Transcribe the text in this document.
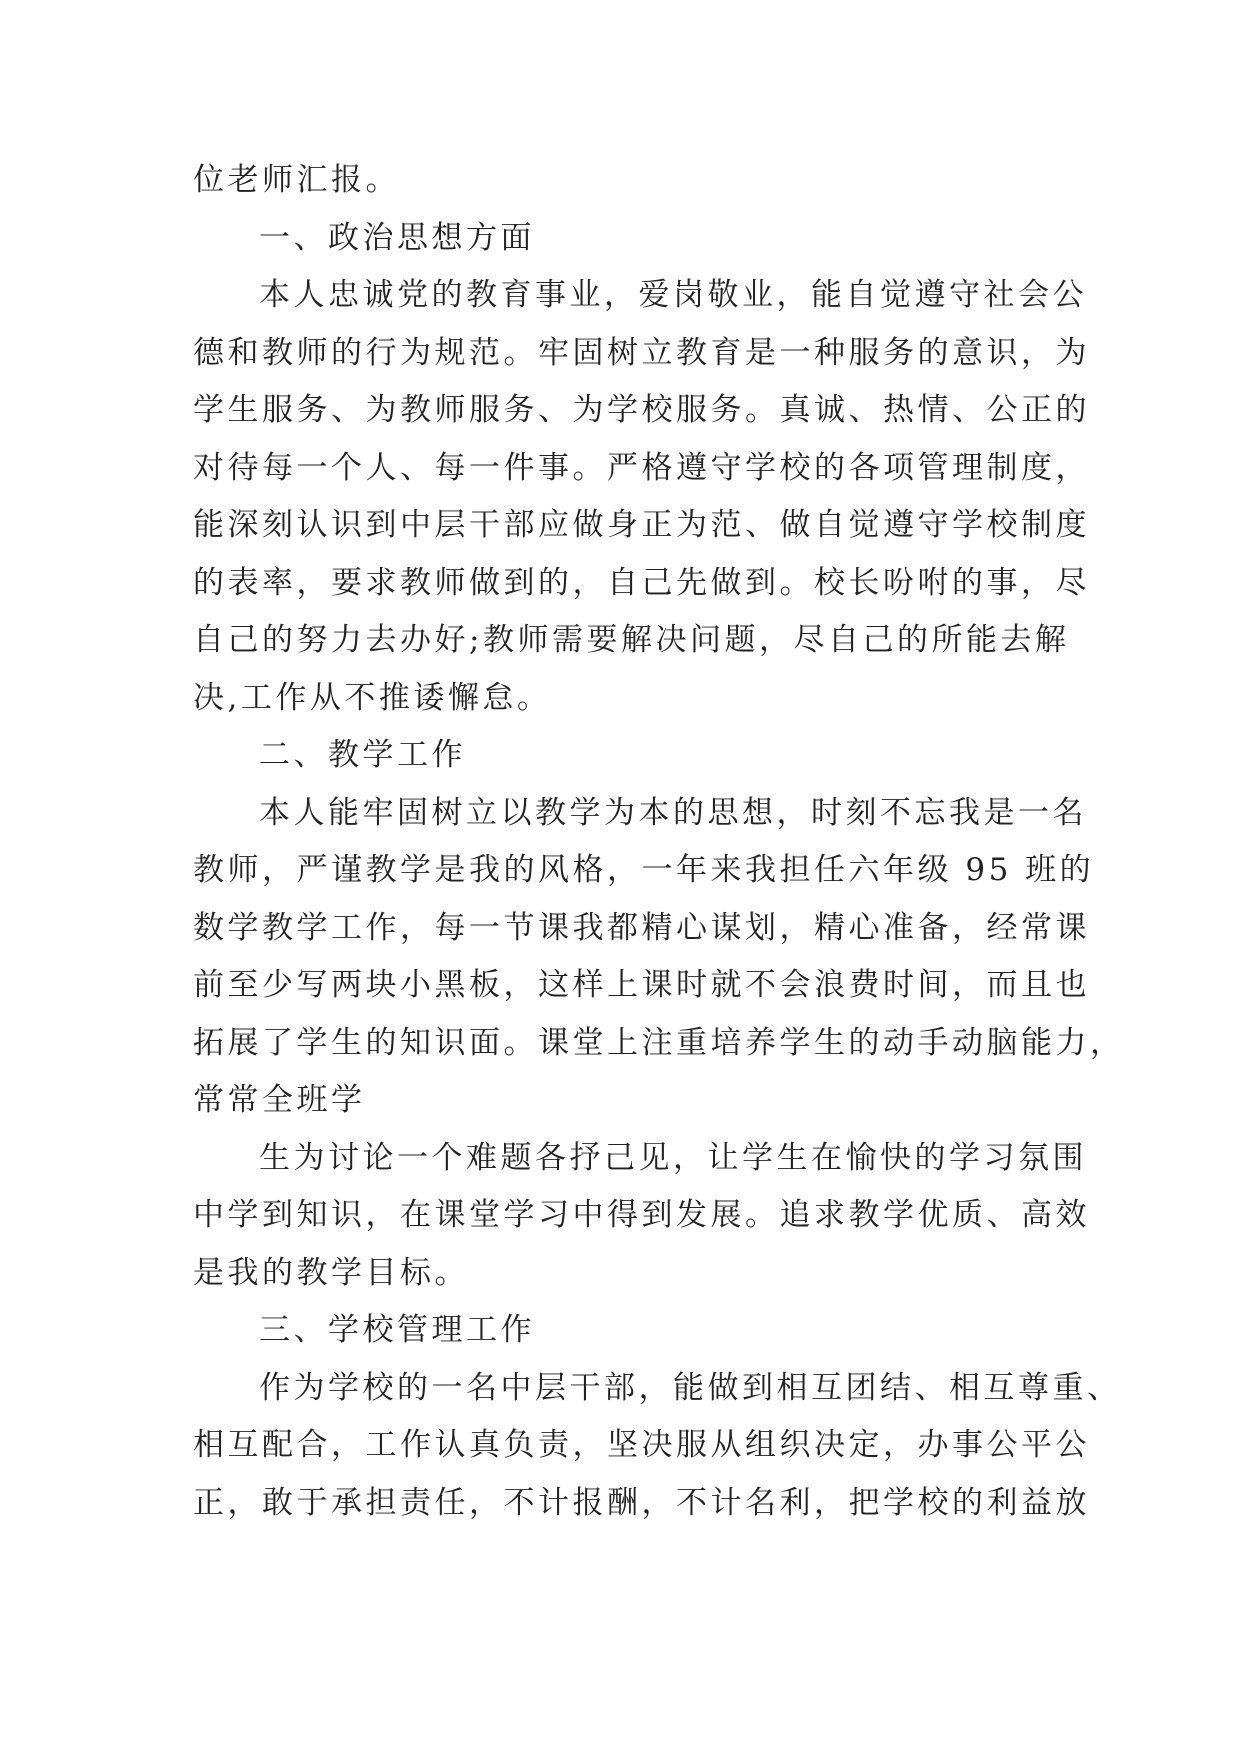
位老师汇报。
一、政治思想方面
本人忠诚党的教育事业，爱岗敬业，能自觉遵守社会公
德和教师的行为规范。牢固树立教育是一种服务的意识，为
学生服务、为教师服务、为学校服务。真诚、热情、公正的
对待每一个人、每一件事。严格遵守学校的各项管理制度，
能深刻认识到中层干部应做身正为范、做自觉遵守学校制度
的表率，要求教师做到的，自己先做到。校长吩咐的事，尽
自己的努力去办好;教师需要解决问题，尽自己的所能去解
决,工作从不推诿懈怠。
二、教学工作
本人能牢固树立以教学为本的思想，时刻不忘我是一名
教师，严谨教学是我的风格，一年来我担任六年级 95 班的
数学教学工作，每一节课我都精心谋划，精心准备，经常课
前至少写两块小黑板，这样上课时就不会浪费时间，而且也
拓展了学生的知识面。课堂上注重培养学生的动手动脑能力，
常常全班学
生为讨论一个难题各抒己见，让学生在愉快的学习氛围
中学到知识，在课堂学习中得到发展。追求教学优质、高效
是我的教学目标。
三、学校管理工作
作为学校的一名中层干部，能做到相互团结、相互尊重、
相互配合，工作认真负责，坚决服从组织决定，办事公平公
正，敢于承担责任，不计报酬，不计名利，把学校的利益放
